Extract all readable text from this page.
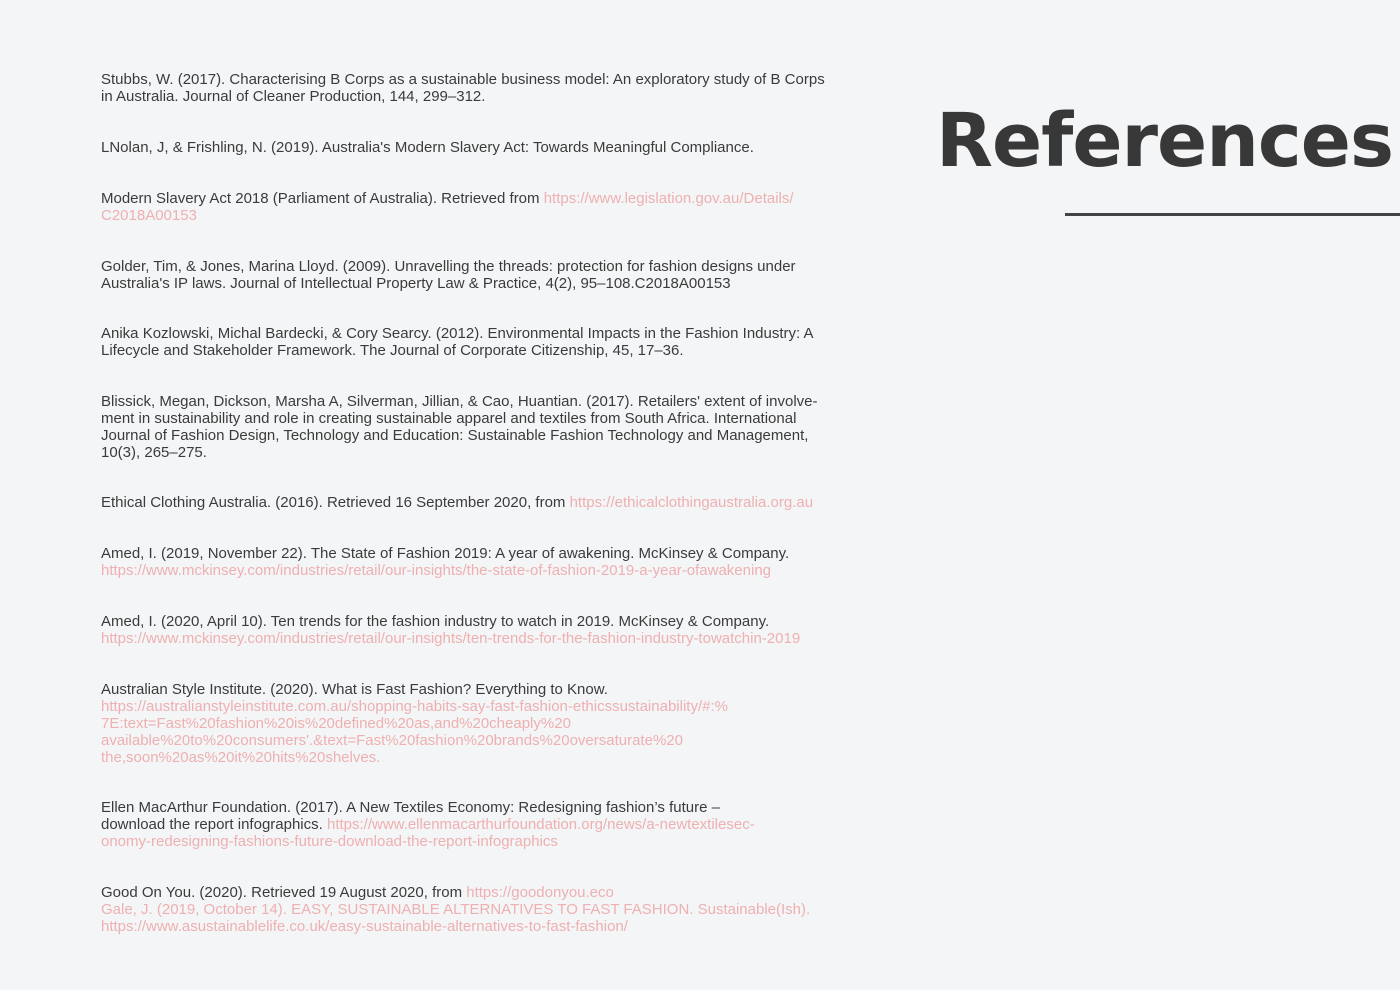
References

Stubbs, W. (2017). Characterising B Corps as a sustainable business model: An exploratory study of B Corps
in Australia. Journal of Cleaner Production, 144, 299–312.

LNolan, J, & Frishling, N. (2019). Australia's Modern Slavery Act: Towards Meaningful Compliance.

Modern Slavery Act 2018 (Parliament of Australia). Retrieved from https://www.legislation.gov.au/Details/
C2018A00153

Golder, Tim, & Jones, Marina Lloyd. (2009). Unravelling the threads: protection for fashion designs under
Australia's IP laws. Journal of Intellectual Property Law & Practice, 4(2), 95–108.C2018A00153

Anika Kozlowski, Michal Bardecki, & Cory Searcy. (2012). Environmental Impacts in the Fashion Industry: A
Lifecycle and Stakeholder Framework. The Journal of Corporate Citizenship, 45, 17–36.

Blissick, Megan, Dickson, Marsha A, Silverman, Jillian, & Cao, Huantian. (2017). Retailers' extent of involve-
ment in sustainability and role in creating sustainable apparel and textiles from South Africa. International
Journal of Fashion Design, Technology and Education: Sustainable Fashion Technology and Management,
10(3), 265–275.

Ethical Clothing Australia. (2016). Retrieved 16 September 2020, from https://ethicalclothingaustralia.org.au

Amed, I. (2019, November 22). The State of Fashion 2019: A year of awakening. McKinsey & Company.
https://www.mckinsey.com/industries/retail/our-insights/the-state-of-fashion-2019-a-year-ofawakening

Amed, I. (2020, April 10). Ten trends for the fashion industry to watch in 2019. McKinsey & Company.
https://www.mckinsey.com/industries/retail/our-insights/ten-trends-for-the-fashion-industry-towatchin-2019

Australian Style Institute. (2020). What is Fast Fashion? Everything to Know.
https://australianstyleinstitute.com.au/shopping-habits-say-fast-fashion-ethicssustainability/#:%
7E:text=Fast%20fashion%20is%20defined%20as,and%20cheaply%20
available%20to%20consumers'.&text=Fast%20fashion%20brands%20oversaturate%20
the,soon%20as%20it%20hits%20shelves.

Ellen MacArthur Foundation. (2017). A New Textiles Economy: Redesigning fashion’s future –
download the report infographics. https://www.ellenmacarthurfoundation.org/news/a-newtextilesec-
onomy-redesigning-fashions-future-download-the-report-infographics

Good On You. (2020). Retrieved 19 August 2020, from https://goodonyou.eco
Gale, J. (2019, October 14). EASY, SUSTAINABLE ALTERNATIVES TO FAST FASHION. Sustainable(Ish).
https://www.asustainablelife.co.uk/easy-sustainable-alternatives-to-fast-fashion/
